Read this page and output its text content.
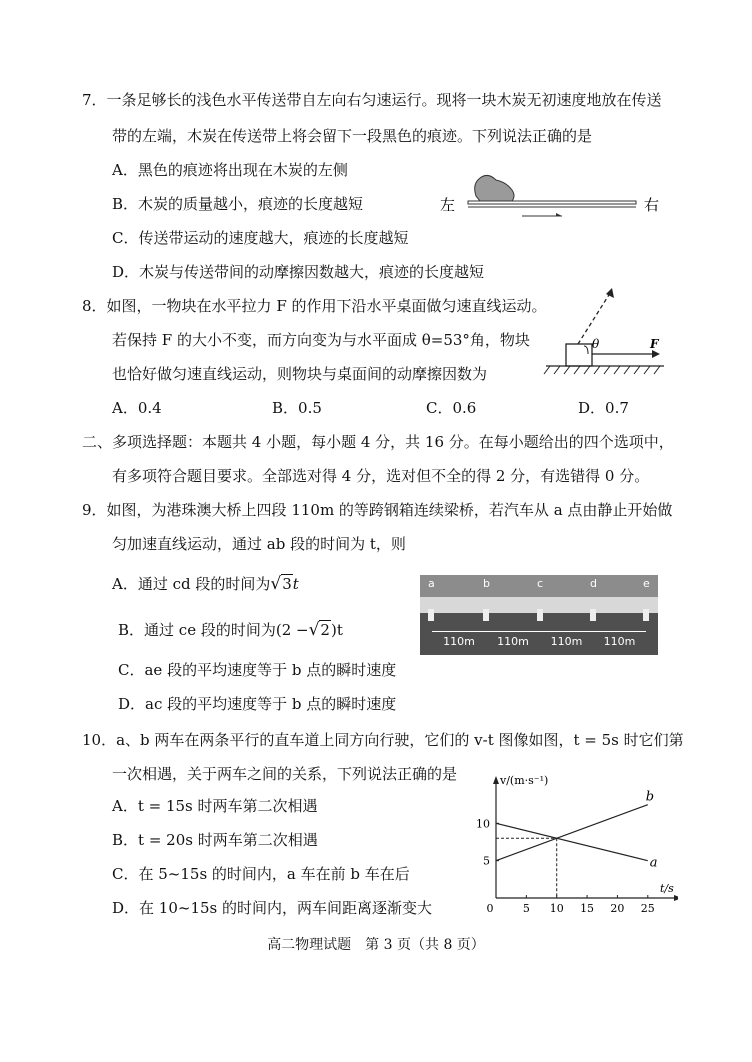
7．一条足够长的浅色水平传送带自左向右匀速运行。现将一块木炭无初速度地放在传送
带的左端，木炭在传送带上将会留下一段黑色的痕迹。下列说法正确的是
A．黑色的痕迹将出现在木炭的左侧
B．木炭的质量越小，痕迹的长度越短
C．传送带运动的速度越大，痕迹的长度越短
D．木炭与传送带间的动摩擦因数越大，痕迹的长度越短
左	右
8．如图，一物块在水平拉力 F 的作用下沿水平桌面做匀速直线运动。
若保持 F 的大小不变，而方向变为与水平面成 θ=53°角，物块
也恰好做匀速直线运动，则物块与桌面间的动摩擦因数为
A．0.4	B．0.5	C．0.6	D．0.7
θ	F
二、多项选择题：本题共 4 小题，每小题 4 分，共 16 分。在每小题给出的四个选项中，
有多项符合题目要求。全部选对得 4 分，选对但不全的得 2 分，有选错得 0 分。
9．如图，为港珠澳大桥上四段 110m 的等跨钢箱连续梁桥，若汽车从 a 点由静止开始做
匀加速直线运动，通过 ab 段的时间为 t，则
A．通过 cd 段的时间为√3t
B．通过 ce 段的时间为(2 −√2)t
C．ae 段的平均速度等于 b 点的瞬时速度
D．ac 段的平均速度等于 b 点的瞬时速度
a	b	c	d	e
110m	110m	110m	110m
10．a、b 两车在两条平行的直车道上同方向行驶，它们的 v-t 图像如图，t = 5s 时它们第
一次相遇，关于两车之间的关系，下列说法正确的是
A．t = 15s 时两车第二次相遇
B．t = 20s 时两车第二次相遇
C．在 5~15s 的时间内，a 车在前 b 车在后
D．在 10~15s 的时间内，两车间距离逐渐变大
v/(m·s⁻¹)
t/s
0	5 10 15 20 25
5
10
a
b
高二物理试题　第 3 页（共 8 页）
